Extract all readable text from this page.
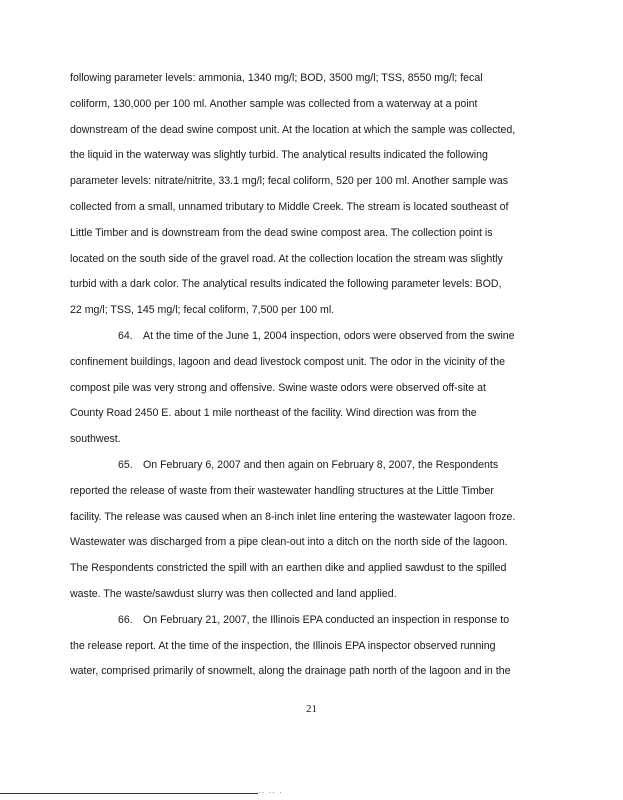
following parameter levels: ammonia, 1340 mg/l; BOD, 3500 mg/l; TSS, 8550 mg/l; fecal
coliform, 130,000 per 100 ml. Another sample was collected from a waterway at a point
downstream of the dead swine compost unit. At the location at which the sample was collected,
the liquid in the waterway was slightly turbid. The analytical results indicated the following
parameter levels: nitrate/nitrite, 33.1 mg/l; fecal coliform, 520 per 100 ml. Another sample was
collected from a small, unnamed tributary to Middle Creek. The stream is located southeast of
Little Timber and is downstream from the dead swine compost area. The collection point is
located on the south side of the gravel road. At the collection location the stream was slightly
turbid with a dark color. The analytical results indicated the following parameter levels: BOD,
22 mg/l; TSS, 145 mg/l; fecal coliform, 7,500 per 100 ml.
64. At the time of the June 1, 2004 inspection, odors were observed from the swine
confinement buildings, lagoon and dead livestock compost unit. The odor in the vicinity of the
compost pile was very strong and offensive. Swine waste odors were observed off-site at
County Road 2450 E. about 1 mile northeast of the facility. Wind direction was from the
southwest.
65. On February 6, 2007 and then again on February 8, 2007, the Respondents
reported the release of waste from their wastewater handling structures at the Little Timber
facility. The release was caused when an 8-inch inlet line entering the wastewater lagoon froze.
Wastewater was discharged from a pipe clean-out into a ditch on the north side of the lagoon.
The Respondents constricted the spill with an earthen dike and applied sawdust to the spilled
waste. The waste/sawdust slurry was then collected and land applied.
66. On February 21, 2007, the Illinois EPA conducted an inspection in response to
the release report. At the time of the inspection, the Illinois EPA inspector observed running
water, comprised primarily of snowmelt, along the drainage path north of the lagoon and in the
21
·· ·· ·
